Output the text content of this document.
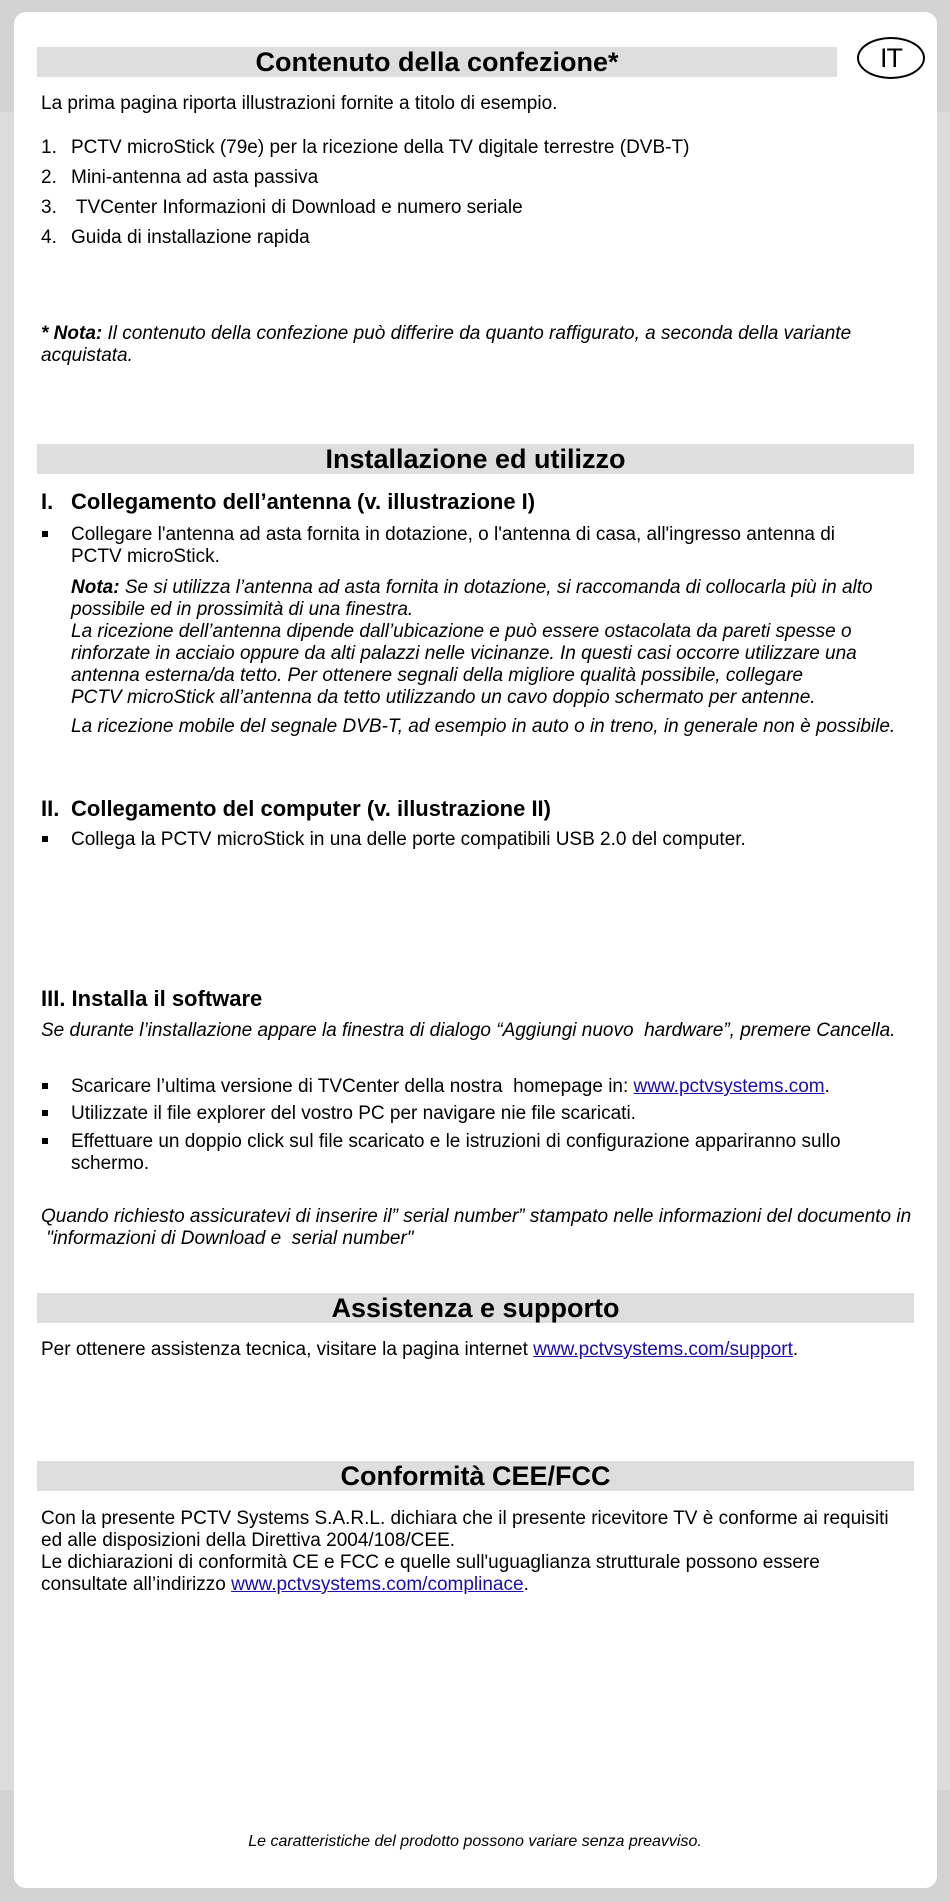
Contenuto della confezione*	IT
La prima pagina riporta illustrazioni fornite a titolo di esempio.
1. PCTV microStick (79e) per la ricezione della TV digitale terrestre (DVB-T)
2. Mini-antenna ad asta passiva
3. TVCenter Informazioni di Download e numero seriale
4. Guida di installazione rapida
* Nota: Il contenuto della confezione può differire da quanto raffigurato, a seconda della variante
acquistata.
Installazione ed utilizzo
I. Collegamento dell’antenna (v. illustrazione I)
Collegare l'antenna ad asta fornita in dotazione, o l'antenna di casa, all'ingresso antenna di
PCTV microStick.
Nota: Se si utilizza l’antenna ad asta fornita in dotazione, si raccomanda di collocarla più in alto
possibile ed in prossimità di una finestra.
La ricezione dell’antenna dipende dall’ubicazione e può essere ostacolata da pareti spesse o
rinforzate in acciaio oppure da alti palazzi nelle vicinanze. In questi casi occorre utilizzare una
antenna esterna/da tetto. Per ottenere segnali della migliore qualità possibile, collegare
PCTV microStick all’antenna da tetto utilizzando un cavo doppio schermato per antenne.
La ricezione mobile del segnale DVB-T, ad esempio in auto o in treno, in generale non è possibile.
II. Collegamento del computer (v. illustrazione II)
Collega la PCTV microStick in una delle porte compatibili USB 2.0 del computer.
III. Installa il software
Se durante l’installazione appare la finestra di dialogo “Aggiungi nuovo  hardware”, premere Cancella.
Scaricare l’ultima versione di TVCenter della nostra  homepage in: www.pctvsystems.com.
Utilizzate il file explorer del vostro PC per navigare nie file scaricati.
Effettuare un doppio click sul file scaricato e le istruzioni di configurazione appariranno sullo
schermo.
Quando richiesto assicuratevi di inserire il” serial number” stampato nelle informazioni del documento in
"informazioni di Download e  serial number"
Assistenza e supporto
Per ottenere assistenza tecnica, visitare la pagina internet www.pctvsystems.com/support.
Conformità CEE/FCC
Con la presente PCTV Systems S.A.R.L. dichiara che il presente ricevitore TV è conforme ai requisiti
ed alle disposizioni della Direttiva 2004/108/CEE.
Le dichiarazioni di conformità CE e FCC e quelle sull'uguaglianza strutturale possono essere
consultate all’indirizzo www.pctvsystems.com/complinace.
Le caratteristiche del prodotto possono variare senza preavviso.
